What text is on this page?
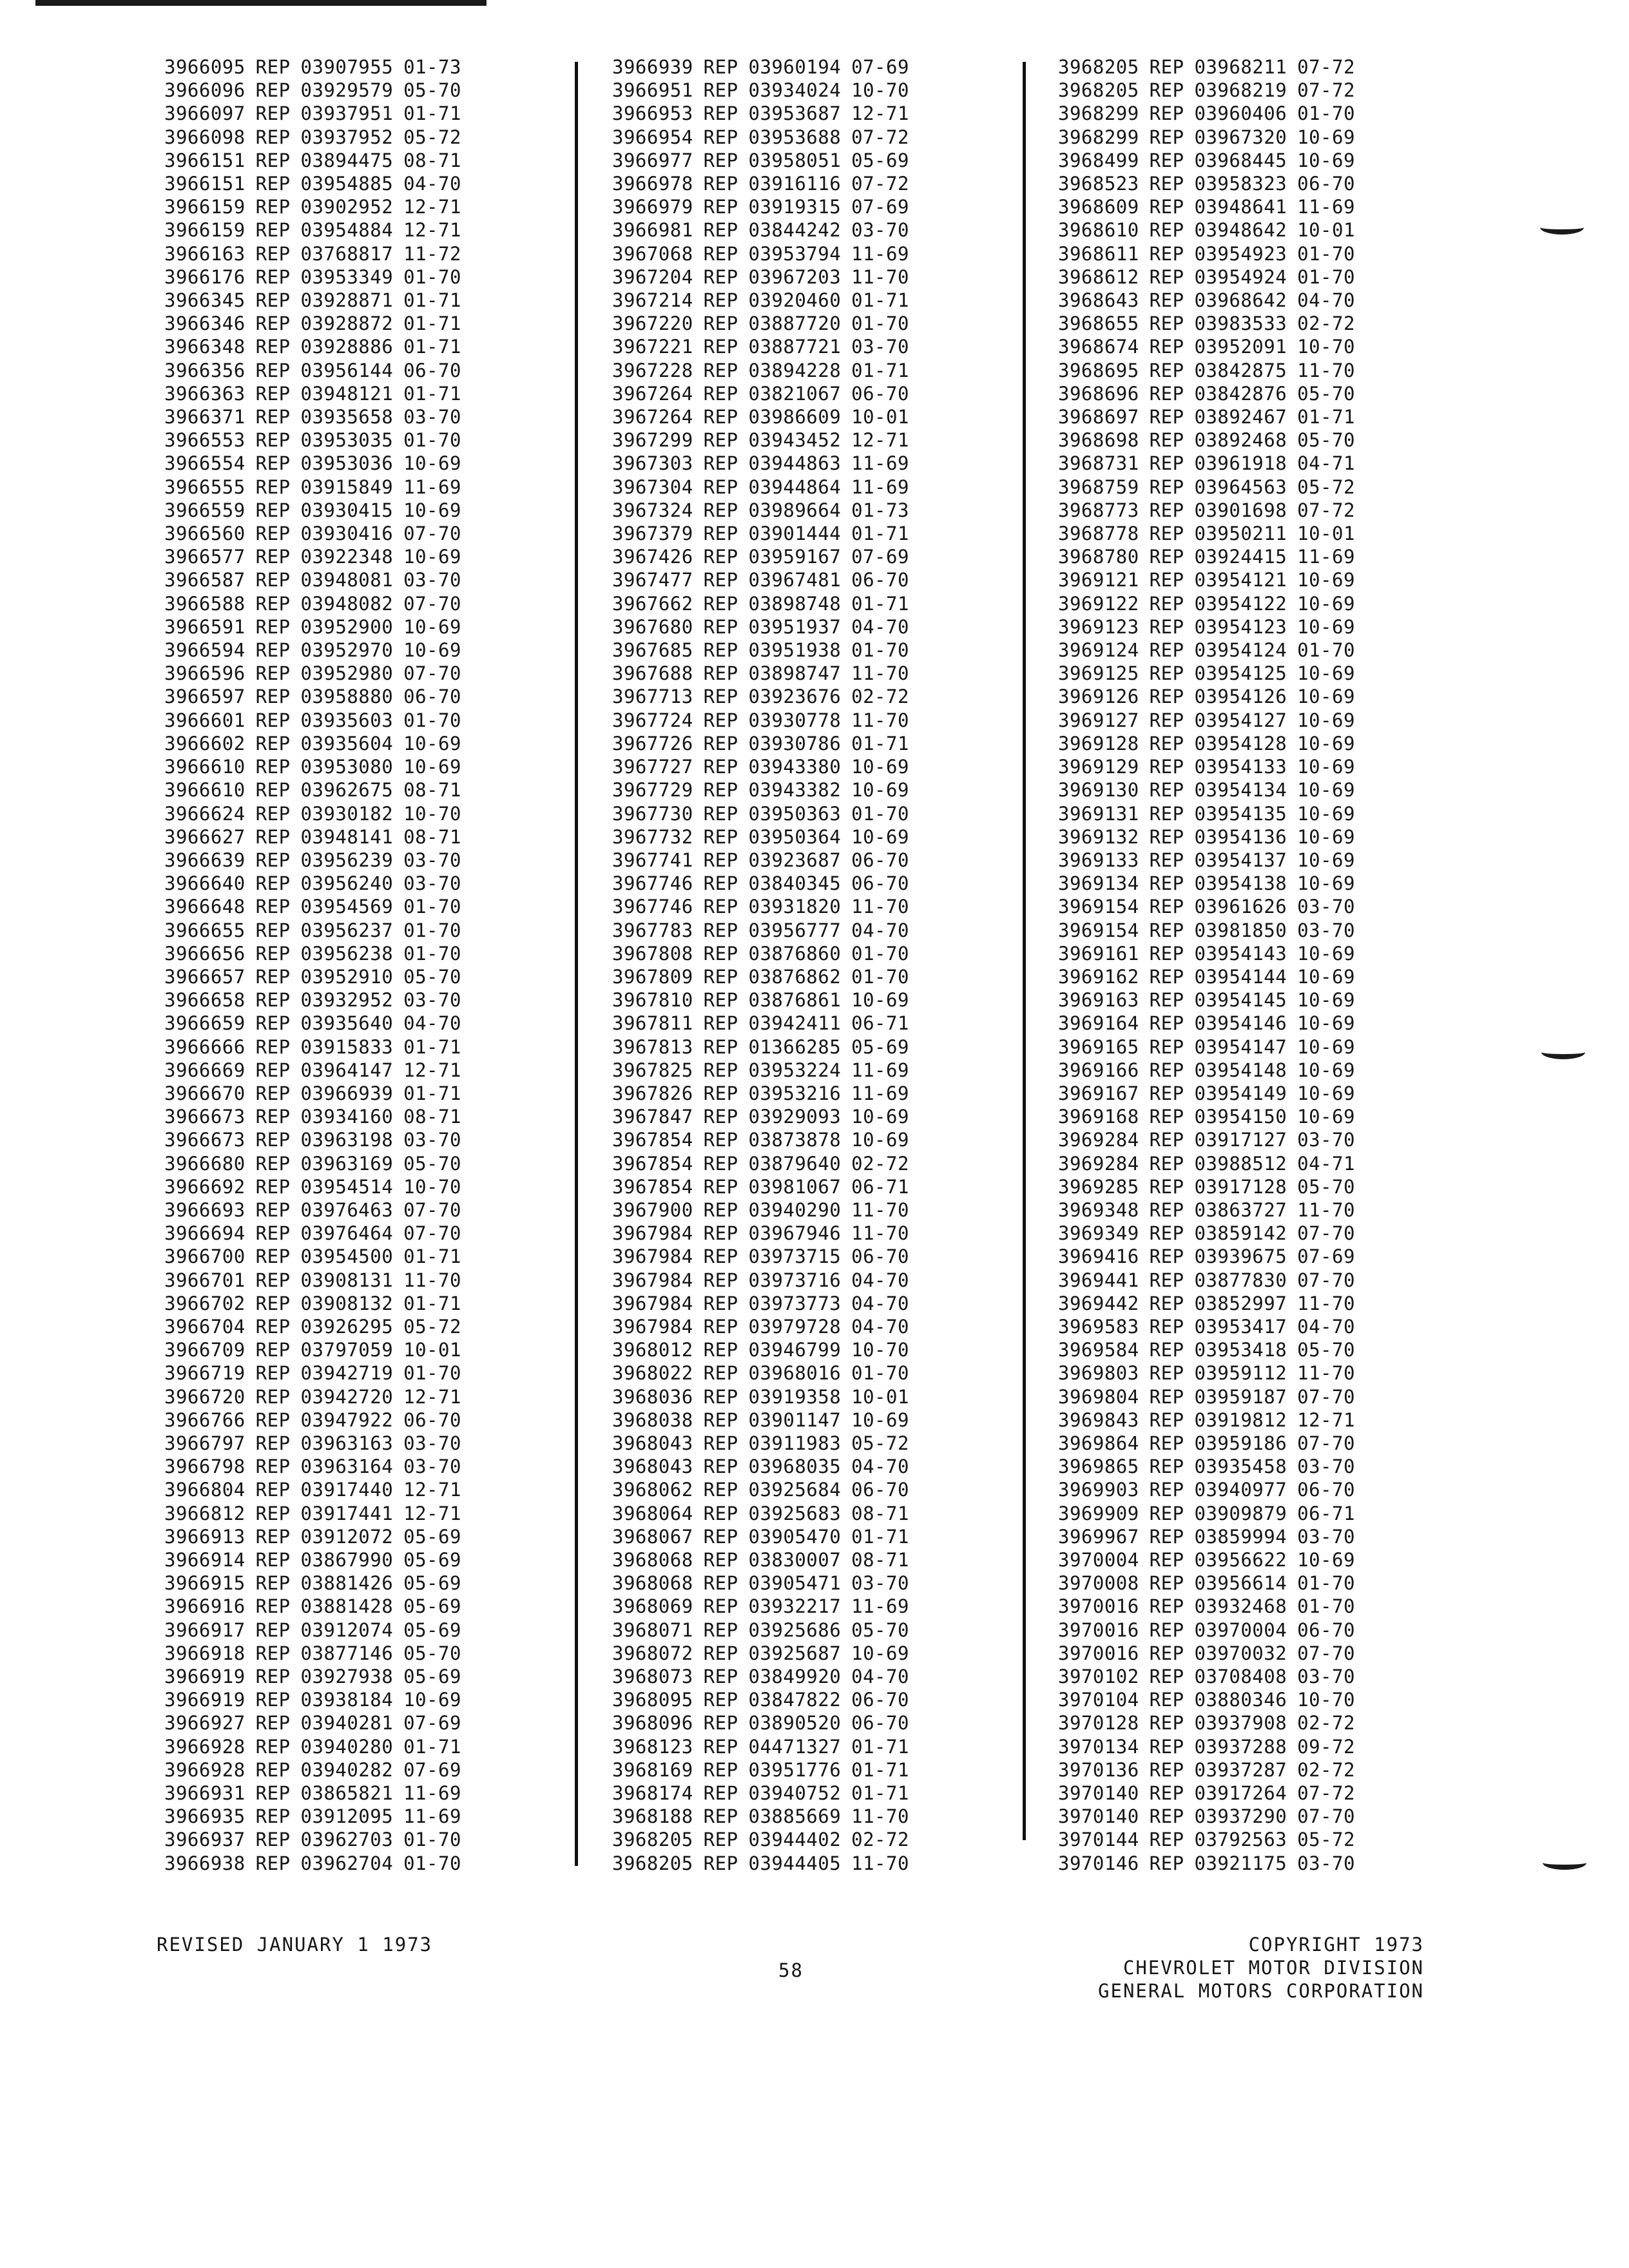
3966095 REP 03907955 01-73
3966096 REP 03929579 05-70
3966097 REP 03937951 01-71
3966098 REP 03937952 05-72
3966151 REP 03894475 08-71
3966151 REP 03954885 04-70
3966159 REP 03902952 12-71
3966159 REP 03954884 12-71
3966163 REP 03768817 11-72
3966176 REP 03953349 01-70
3966345 REP 03928871 01-71
3966346 REP 03928872 01-71
3966348 REP 03928886 01-71
3966356 REP 03956144 06-70
3966363 REP 03948121 01-71
3966371 REP 03935658 03-70
3966553 REP 03953035 01-70
3966554 REP 03953036 10-69
3966555 REP 03915849 11-69
3966559 REP 03930415 10-69
3966560 REP 03930416 07-70
3966577 REP 03922348 10-69
3966587 REP 03948081 03-70
3966588 REP 03948082 07-70
3966591 REP 03952900 10-69
3966594 REP 03952970 10-69
3966596 REP 03952980 07-70
3966597 REP 03958880 06-70
3966601 REP 03935603 01-70
3966602 REP 03935604 10-69
3966610 REP 03953080 10-69
3966610 REP 03962675 08-71
3966624 REP 03930182 10-70
3966627 REP 03948141 08-71
3966639 REP 03956239 03-70
3966640 REP 03956240 03-70
3966648 REP 03954569 01-70
3966655 REP 03956237 01-70
3966656 REP 03956238 01-70
3966657 REP 03952910 05-70
3966658 REP 03932952 03-70
3966659 REP 03935640 04-70
3966666 REP 03915833 01-71
3966669 REP 03964147 12-71
3966670 REP 03966939 01-71
3966673 REP 03934160 08-71
3966673 REP 03963198 03-70
3966680 REP 03963169 05-70
3966692 REP 03954514 10-70
3966693 REP 03976463 07-70
3966694 REP 03976464 07-70
3966700 REP 03954500 01-71
3966701 REP 03908131 11-70
3966702 REP 03908132 01-71
3966704 REP 03926295 05-72
3966709 REP 03797059 10-01
3966719 REP 03942719 01-70
3966720 REP 03942720 12-71
3966766 REP 03947922 06-70
3966797 REP 03963163 03-70
3966798 REP 03963164 03-70
3966804 REP 03917440 12-71
3966812 REP 03917441 12-71
3966913 REP 03912072 05-69
3966914 REP 03867990 05-69
3966915 REP 03881426 05-69
3966916 REP 03881428 05-69
3966917 REP 03912074 05-69
3966918 REP 03877146 05-70
3966919 REP 03927938 05-69
3966919 REP 03938184 10-69
3966927 REP 03940281 07-69
3966928 REP 03940280 01-71
3966928 REP 03940282 07-69
3966931 REP 03865821 11-69
3966935 REP 03912095 11-69
3966937 REP 03962703 01-70
3966938 REP 03962704 01-70
3966939 REP 03960194 07-69
3966951 REP 03934024 10-70
3966953 REP 03953687 12-71
3966954 REP 03953688 07-72
3966977 REP 03958051 05-69
3966978 REP 03916116 07-72
3966979 REP 03919315 07-69
3966981 REP 03844242 03-70
3967068 REP 03953794 11-69
3967204 REP 03967203 11-70
3967214 REP 03920460 01-71
3967220 REP 03887720 01-70
3967221 REP 03887721 03-70
3967228 REP 03894228 01-71
3967264 REP 03821067 06-70
3967264 REP 03986609 10-01
3967299 REP 03943452 12-71
3967303 REP 03944863 11-69
3967304 REP 03944864 11-69
3967324 REP 03989664 01-73
3967379 REP 03901444 01-71
3967426 REP 03959167 07-69
3967477 REP 03967481 06-70
3967662 REP 03898748 01-71
3967680 REP 03951937 04-70
3967685 REP 03951938 01-70
3967688 REP 03898747 11-70
3967713 REP 03923676 02-72
3967724 REP 03930778 11-70
3967726 REP 03930786 01-71
3967727 REP 03943380 10-69
3967729 REP 03943382 10-69
3967730 REP 03950363 01-70
3967732 REP 03950364 10-69
3967741 REP 03923687 06-70
3967746 REP 03840345 06-70
3967746 REP 03931820 11-70
3967783 REP 03956777 04-70
3967808 REP 03876860 01-70
3967809 REP 03876862 01-70
3967810 REP 03876861 10-69
3967811 REP 03942411 06-71
3967813 REP 01366285 05-69
3967825 REP 03953224 11-69
3967826 REP 03953216 11-69
3967847 REP 03929093 10-69
3967854 REP 03873878 10-69
3967854 REP 03879640 02-72
3967854 REP 03981067 06-71
3967900 REP 03940290 11-70
3967984 REP 03967946 11-70
3967984 REP 03973715 06-70
3967984 REP 03973716 04-70
3967984 REP 03973773 04-70
3967984 REP 03979728 04-70
3968012 REP 03946799 10-70
3968022 REP 03968016 01-70
3968036 REP 03919358 10-01
3968038 REP 03901147 10-69
3968043 REP 03911983 05-72
3968043 REP 03968035 04-70
3968062 REP 03925684 06-70
3968064 REP 03925683 08-71
3968067 REP 03905470 01-71
3968068 REP 03830007 08-71
3968068 REP 03905471 03-70
3968069 REP 03932217 11-69
3968071 REP 03925686 05-70
3968072 REP 03925687 10-69
3968073 REP 03849920 04-70
3968095 REP 03847822 06-70
3968096 REP 03890520 06-70
3968123 REP 04471327 01-71
3968169 REP 03951776 01-71
3968174 REP 03940752 01-71
3968188 REP 03885669 11-70
3968205 REP 03944402 02-72
3968205 REP 03944405 11-70
3968205 REP 03968211 07-72
3968205 REP 03968219 07-72
3968299 REP 03960406 01-70
3968299 REP 03967320 10-69
3968499 REP 03968445 10-69
3968523 REP 03958323 06-70
3968609 REP 03948641 11-69
3968610 REP 03948642 10-01
3968611 REP 03954923 01-70
3968612 REP 03954924 01-70
3968643 REP 03968642 04-70
3968655 REP 03983533 02-72
3968674 REP 03952091 10-70
3968695 REP 03842875 11-70
3968696 REP 03842876 05-70
3968697 REP 03892467 01-71
3968698 REP 03892468 05-70
3968731 REP 03961918 04-71
3968759 REP 03964563 05-72
3968773 REP 03901698 07-72
3968778 REP 03950211 10-01
3968780 REP 03924415 11-69
3969121 REP 03954121 10-69
3969122 REP 03954122 10-69
3969123 REP 03954123 10-69
3969124 REP 03954124 01-70
3969125 REP 03954125 10-69
3969126 REP 03954126 10-69
3969127 REP 03954127 10-69
3969128 REP 03954128 10-69
3969129 REP 03954133 10-69
3969130 REP 03954134 10-69
3969131 REP 03954135 10-69
3969132 REP 03954136 10-69
3969133 REP 03954137 10-69
3969134 REP 03954138 10-69
3969154 REP 03961626 03-70
3969154 REP 03981850 03-70
3969161 REP 03954143 10-69
3969162 REP 03954144 10-69
3969163 REP 03954145 10-69
3969164 REP 03954146 10-69
3969165 REP 03954147 10-69
3969166 REP 03954148 10-69
3969167 REP 03954149 10-69
3969168 REP 03954150 10-69
3969284 REP 03917127 03-70
3969284 REP 03988512 04-71
3969285 REP 03917128 05-70
3969348 REP 03863727 11-70
3969349 REP 03859142 07-70
3969416 REP 03939675 07-69
3969441 REP 03877830 07-70
3969442 REP 03852997 11-70
3969583 REP 03953417 04-70
3969584 REP 03953418 05-70
3969803 REP 03959112 11-70
3969804 REP 03959187 07-70
3969843 REP 03919812 12-71
3969864 REP 03959186 07-70
3969865 REP 03935458 03-70
3969903 REP 03940977 06-70
3969909 REP 03909879 06-71
3969967 REP 03859994 03-70
3970004 REP 03956622 10-69
3970008 REP 03956614 01-70
3970016 REP 03932468 01-70
3970016 REP 03970004 06-70
3970016 REP 03970032 07-70
3970102 REP 03708408 03-70
3970104 REP 03880346 10-70
3970128 REP 03937908 02-72
3970134 REP 03937288 09-72
3970136 REP 03937287 02-72
3970140 REP 03917264 07-72
3970140 REP 03937290 07-70
3970144 REP 03792563 05-72
3970146 REP 03921175 03-70
REVISED JANUARY 1 1973
58
COPYRIGHT 1973
CHEVROLET MOTOR DIVISION
GENERAL MOTORS CORPORATION
